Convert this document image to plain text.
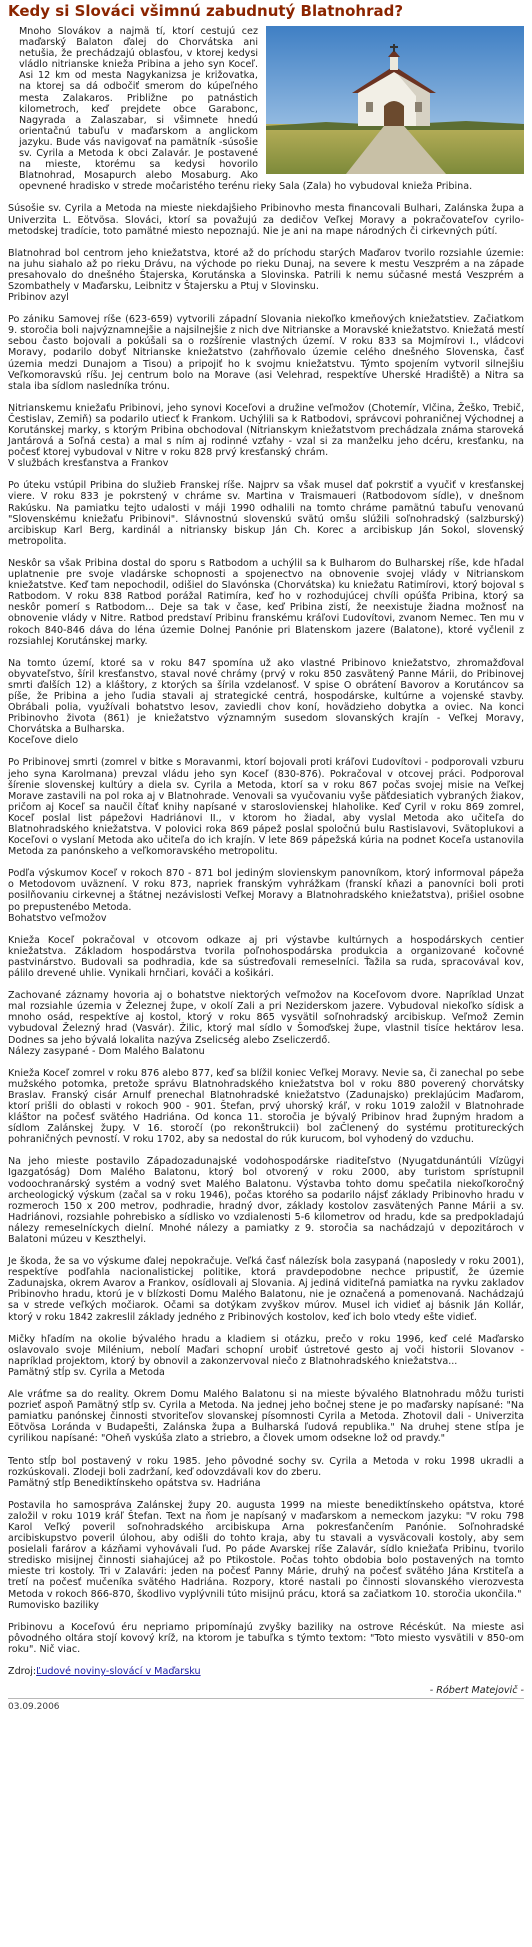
Kedy si Slováci všimnú zabudnutý Blatnohrad?

Mnoho Slovákov a najmä tí, ktorí cestujú cez maďarský Balaton ďalej do Chorvátska ani netušia, že prechádzajú oblasťou, v ktorej kedysi vládlo nitrianske knieža Pribina a jeho syn Koceľ. Asi 12 km od mesta Nagykanizsa je križovatka, na ktorej sa dá odbočiť smerom do kúpeľného mesta Zalakaros. Približne po patnástich kilometroch, keď prejdete obce Garabonc, Nagyrada a Zalaszabar, si všimnete hnedú orientačnú tabuľu v maďarskom a anglickom jazyku. Bude vás navigovať na pamätník -súsošie sv. Cyrila a Metoda k obci Zalavár. Je postavené na mieste, ktorému sa kedysi hovorilo Blatnohrad, Mosapurch alebo Mosaburg. Ako opevnené hradisko v strede močaristého terénu rieky Sala (Zala) ho vybudoval knieža Pribina.

Súsošie sv. Cyrila a Metoda na mieste niekdajšieho Pribinovho mesta financovali Bulhari, Zalánska župa a Univerzita L. Eötvösa. Slováci, ktorí sa považujú za dedičov Veľkej Moravy a pokračovateľov cyrilo-metodskej tradície, toto pamätné miesto nepoznajú. Nie je ani na mape národných či cirkevných pútí.

Blatnohrad bol centrom jeho kniežatstva, ktoré až do príchodu starých Maďarov tvorilo rozsiahle územie: na juhu siahalo až po rieku Drávu, na východe po rieku Dunaj, na severe k mestu Veszprém a na západe presahovalo do dnešného Štajerska, Korutánska a Slovinska. Patrili k nemu súčasné mestá Veszprém a Szombathely v Maďarsku, Leibnitz v Štajersku a Ptuj v Slovinsku.
Pribinov azyl

Po zániku Samovej ríše (623-659) vytvorili západní Slovania niekoľko kmeňových kniežatstiev. Začiatkom 9. storočia boli najvýznamnejšie a najsilnejšie z nich dve Nitrianske a Moravské kniežatstvo. Kniežatá mestí sebou často bojovali a pokúšali sa o rozšírenie vlastných území. V roku 833 sa Mojmírovi I., vládcovi Moravy, podarilo dobyť Nitrianske kniežatstvo (zahŕňovalo územie celého dnešného Slovenska, časť územia medzi Dunajom a Tisou) a pripojiť ho k svojmu kniežatstvu. Týmto spojením vytvoril silnejšiu Veľkomoravskú ríšu. Jej centrum bolo na Morave (asi Velehrad, respektíve Uherské Hradiště) a Nitra sa stala iba sídlom nasledníka trónu.

Nitrianskemu kniežaťu Pribinovi, jeho synovi Koceľovi a družine veľmožov (Chotemír, Vlčina, Žeško, Trebič, Čestislav, Zemiň) sa podarilo utiecť k Frankom. Uchýlili sa k Ratbodovi, správcovi pohraničnej Východnej a Korutánskej marky, s ktorým Pribina obchodoval (Nitrianskym kniežatstvom prechádzala známa staroveká Jantárová a Soľná cesta) a mal s ním aj rodinné vzťahy - vzal si za manželku jeho dcéru, kresťanku, na počesť ktorej vybudoval v Nitre v roku 828 prvý kresťanský chrám.
V službách kresťanstva a Frankov

Po úteku vstúpil Pribina do služieb Franskej ríše. Najprv sa však musel dať pokrstiť a vyučiť v kresťanskej viere. V roku 833 je pokrstený v chráme sv. Martina v Traismaueri (Ratbodovom sídle), v dnešnom Rakúsku. Na pamiatku tejto udalosti v máji 1990 odhalili na tomto chráme pamätnú tabuľu venovanú "Slovenskému kniežaťu Pribinovi". Slávnostnú slovenskú svätú omšu slúžili soľnohradský (salzburský) arcibiskup Karl Berg, kardinál a nitriansky biskup Ján Ch. Korec a arcibiskup Ján Sokol, slovenský metropolita.

Neskôr sa však Pribina dostal do sporu s Ratbodom a uchýlil sa k Bulharom do Bulharskej ríše, kde hľadal uplatnenie pre svoje vladárske schopnosti a spojenectvo na obnovenie svojej vlády v Nitrianskom kniežatstve. Keď tam nepochodil, odišiel do Slavónska (Chorvátska) ku kniežatu Ratimírovi, ktorý bojoval s Ratbodom. V roku 838 Ratbod porážal Ratimíra, keď ho v rozhodujúcej chvíli opúšťa Pribina, ktorý sa neskôr pomerí s Ratbodom... Deje sa tak v čase, keď Pribina zistí, že neexistuje žiadna možnosť na obnovenie vlády v Nitre. Ratbod predstaví Pribinu franskému kráľovi Ľudovítovi, zvanom Nemec. Ten mu v rokoch 840-846 dáva do léna územie Dolnej Panónie pri Blatenskom jazere (Balatone), ktoré vyčlenil z rozsiahlej Korutánskej marky.

Na tomto území, ktoré sa v roku 847 spomína už ako vlastné Pribinovo kniežatstvo, zhromažďoval obyvateľstvo, šíril kresťanstvo, staval nové chrámy (prvý v roku 850 zasvätený Panne Márii, do Pribinovej smrti ďalších 12) a kláštory, z ktorých sa šírila vzdelanosť. V spise O obrátení Bavorov a Korutáncov sa píše, že Pribina a jeho ľudia stavali aj strategické centrá, hospodárske, kultúrne a vojenské stavby. Obrábali polia, využívali bohatstvo lesov, zaviedli chov koní, hovädzieho dobytka a oviec. Na konci Pribinovho života (861) je kniežatstvo významným susedom slovanských krajín - Veľkej Moravy, Chorvátska a Bulharska.
Koceľove dielo

Po Pribinovej smrti (zomrel v bitke s Moravanmi, ktorí bojovali proti kráľovi Ľudovítovi - podporovali vzburu jeho syna Karolmana) prevzal vládu jeho syn Koceľ (830-876). Pokračoval v otcovej práci. Podporoval šírenie slovenskej kultúry a diela sv. Cyrila a Metoda, ktorí sa v roku 867 počas svojej misie na Veľkej Morave zastavili na pol roka aj v Blatnohrade. Venovali sa vyučovaniu vyše päťdesiatich vybraných žiakov, pričom aj Koceľ sa naučil čítať knihy napísané v staroslovienskej hlaholike. Keď Cyril v roku 869 zomrel, Koceľ poslal list pápežovi Hadriánovi II., v ktorom ho žiadal, aby vyslal Metoda ako učiteľa do Blatnohradského kniežatstva. V polovici roka 869 pápež poslal spoločnú bulu Rastislavovi, Svätoplukovi a Koceľovi o vyslaní Metoda ako učiteľa do ich krajín. V lete 869 pápežská kúria na podnet Koceľa ustanovila Metoda za panónskeho a veľkomoravského metropolitu.

Podľa výskumov Koceľ v rokoch 870 - 871 bol jediným slovienskym panovníkom, ktorý informoval pápeža o Metodovom uväznení. V roku 873, napriek franským vyhrážkam (franskí kňazi a panovníci boli proti posilňovaniu cirkevnej a štátnej nezávislosti Veľkej Moravy a Blatnohradského kniežatstva), prišiel osobne po prepustenébo Metoda.
Bohatstvo veľmožov

Knieža Koceľ pokračoval v otcovom odkaze aj pri výstavbe kultúrnych a hospodárskych centier kniežatstva. Základom hospodárstva tvorila poľnohospodárska produkcia a organizované kočovné pastvinárstvo. Budovali sa podhradia, kde sa sústreďovali remeselníci. Ťažila sa ruda, spracovával kov, pálilo drevené uhlie. Vynikali hrnčiari, kováči a košikári.

Zachované záznamy hovoria aj o bohatstve niektorých veľmožov na Koceľovom dvore. Napríklad Unzat mal rozsiahle územia v Železnej župe, v okolí Zali a pri Neziderskom jazere. Vybudoval niekoľko sídisk a mnoho osád, respektíve aj kostol, ktorý v roku 865 vysvätil soľnohradský arcibiskup. Veľmož Zemin vybudoval Železný hrad (Vasvár). Žilic, ktorý mal sídlo v Šomoďskej župe, vlastnil tisíce hektárov lesa. Dodnes sa jeho bývalá lokalita nazýva Zselicség alebo Zseliczerdő.
Nálezy zasypané - Dom Malého Balatonu

Knieža Koceľ zomrel v roku 876 alebo 877, keď sa blížil koniec Veľkej Moravy. Nevie sa, či zanechal po sebe mužského potomka, pretože správu Blatnohradského kniežatstva bol v roku 880 poverený chorvátsky Braslav. Franský cisár Arnulf prenechal Blatnohradské kniežatstvo (Zadunajsko) preklajúcim Maďarom, ktorí prišli do oblasti v rokoch 900 - 901. Štefan, prvý uhorský kráľ, v roku 1019 založil v Blatnohrade kláštor na počesť svätého Hadriána. Od konca 11. storočia je bývalý Pribinov hrad župným hradom a sídlom Zalánskej župy. V 16. storočí (po rekonštrukcii) bol zaČlenený do systému protitureckých pohraničných pevností. V roku 1702, aby sa nedostal do rúk kurucom, bol vyhodený do vzduchu.

Na jeho mieste postavilo Západozadunajské vodohospodárske riaditeľstvo (Nyugatdunántúli Vízügyi Igazgatóság) Dom Malého Balatonu, ktorý bol otvorený v roku 2000, aby turistom sprístupnil vodoochranárský systém a vodný svet Malého Balatonu. Výstavba tohto domu spečatila niekoľkoročný archeologický výskum (začal sa v roku 1946), počas ktorého sa podarilo nájsť základy Pribinovho hradu v rozmeroch 150 x 200 metrov, podhradie, hradný dvor, základy kostolov zasvätených Panne Márii a sv. Hadriánovi, rozsiahle pohrebisko a sídlisko vo vzdialenosti 5-6 kilometrov od hradu, kde sa predpokladajú nálezy remeselníckych dielní. Mnohé nálezy a pamiatky z 9. storočia sa nachádzajú v depozitároch v Balatoni múzeu v Keszthelyi.

Je škoda, že sa vo výskume ďalej nepokračuje. Veľká časť nálezísk bola zasypaná (naposledy v roku 2001), respektíve podľahla nacionalistickej politike, ktorá pravdepodobne nechce pripustiť, že územie Zadunajska, okrem Avarov a Frankov, osídlovali aj Slovania. Aj jediná viditeľná pamiatka na ryvku zakladov Pribinovho hradu, ktorú je v blízkosti Domu Malého Balatonu, nie je označená a pomenovaná. Nachádzajú sa v strede veľkých močiarok. Očami sa dotýkam zvyškov múrov. Musel ich vidieť aj básnik Ján Kollár, ktorý v roku 1842 zakreslil základy jedného z Pribinových kostolov, keď ich bolo vtedy ešte vidieť.

Mičky hľadím na okolie bývalého hradu a kladiem si otázku, prečo v roku 1996, keď celé Maďarsko oslavovalo svoje Milénium, nebolí Maďari schopní urobiť ústretové gesto aj voči historii Slovanov - napríklad projektom, ktorý by obnovil a zakonzervoval niečo z Blatnohradského kniežatstva...
Pamätný stĺp sv. Cyrila a Metoda

Ale vráťme sa do reality. Okrem Domu Malého Balatonu si na mieste bývalého Blatnohradu môžu turisti pozrieť aspoň Pamätný stĺp sv. Cyrila a Metoda. Na jednej jeho bočnej stene je po maďarsky napísané: "Na pamiatku panónskej činnosti stvoriteľov slovanskej písomnosti Cyrila a Metoda. Zhotovil dali - Univerzita Eötvösa Loránda v Budapešti, Zalánska župa a Bulharská ľudová republika." Na druhej stene stĺpa je cyrilikou napísané: "Oheň vyskúša zlato a striebro, a človek umom odsekne lož od pravdy."

Tento stĺp bol postavený v roku 1985. Jeho pôvodné sochy sv. Cyrila a Metoda v roku 1998 ukradli a rozkúskovali. Zlodeji boli zadržaní, keď odovzdávali kov do zberu.
Pamätný stĺp Benediktínskeho opátstva sv. Hadriána

Postavila ho samospráva Zalánskej župy 20. augusta 1999 na mieste benediktínskeho opátstva, ktoré založil v roku 1019 kráľ Štefan. Text na ňom je napísaný v maďarskom a nemeckom jazyku: "V roku 798 Karol Veľký poveril soľnohradského arcibiskupa Arna pokresťančením Panónie. Soľnohradské arcibiskupstvo poveril úlohou, aby odišli do tohto kraja, aby tu stavali a vysväcovali kostoly, aby sem posielali farárov a kázňami vyhovávali ľud. Po páde Avarskej ríše Zalavár, sídlo kniežaťa Pribinu, tvorilo stredisko misijnej činnosti siahajúcej až po Ptikostole. Počas tohto obdobia bolo postavených na tomto mieste tri kostoly. Tri v Zalavári: jeden na počesť Panny Márie, druhý na počesť svätého Jána Krstiteľa a tretí na počesť mučeníka svätého Hadriána. Rozpory, ktoré nastali po činnosti slovanského vierozvesta Metoda v rokoch 866-870, škodlivo vyplývnili túto misijnú prácu, ktorá sa začiatkom 10. storočia ukončila."
Rumovisko baziliky

Pribinovu a Koceľovú éru nepriamo pripomínajú zvyšky baziliky na ostrove Récéskút. Na mieste asi pôvodného oltára stojí kovový kríž, na ktorom je tabuľka s týmto textom: "Toto miesto vysvätili v 850-om roku". Nič viac.

Zdroj:Ľudové noviny-slovácí v Maďarsku
- Róbert Matejovič -
03.09.2006
